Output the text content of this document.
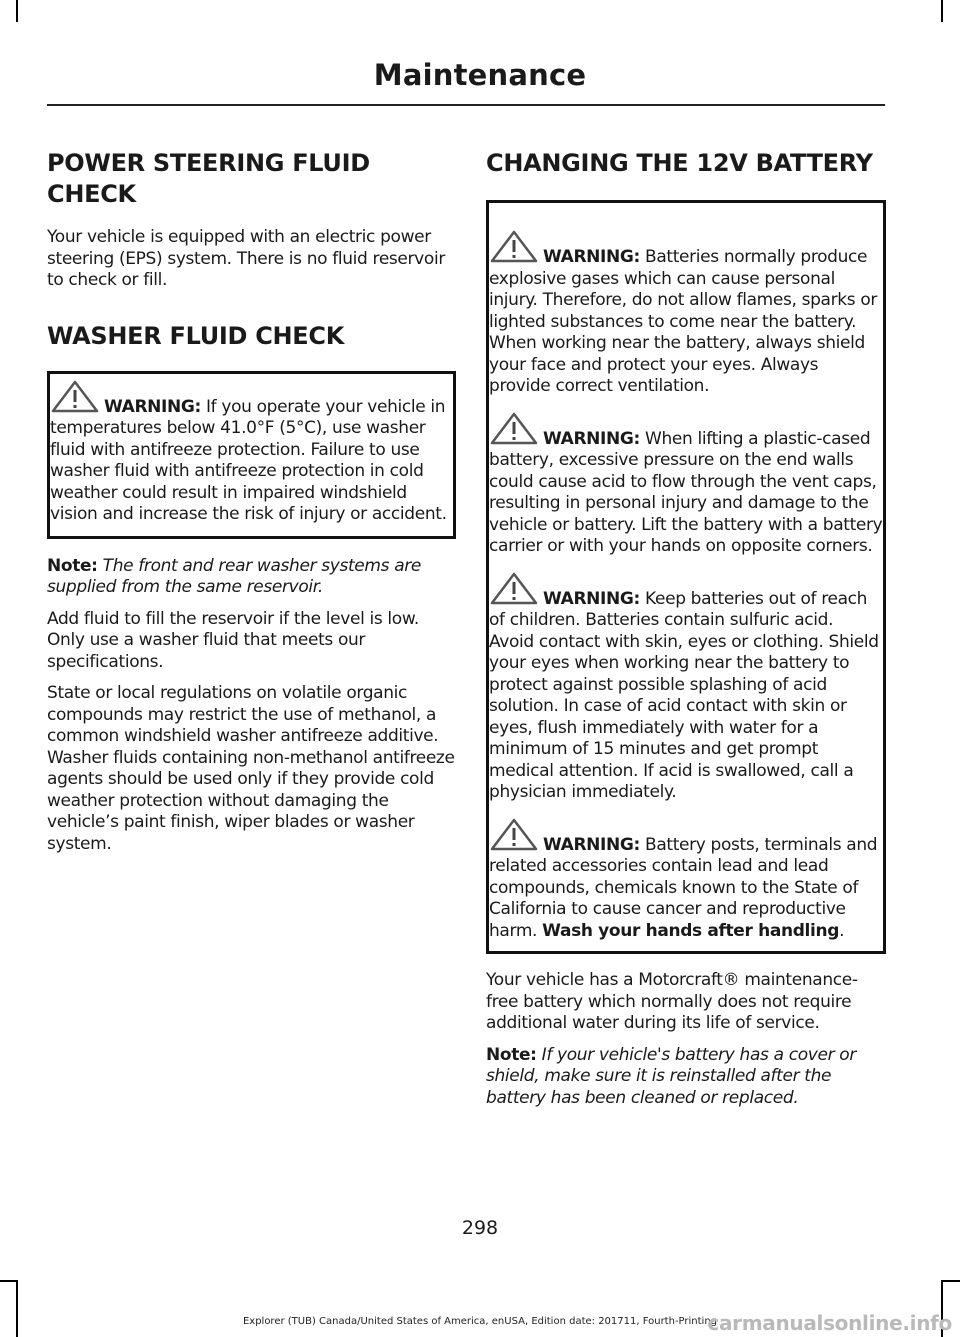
Maintenance
POWER STEERING FLUID
CHECK

Your vehicle is equipped with an electric power steering (EPS) system. There is no fluid reservoir to check or fill.

WASHER FLUID CHECK

WARNING: If you operate your vehicle in temperatures below 41.0°F (5°C), use washer fluid with antifreeze protection. Failure to use washer fluid with antifreeze protection in cold weather could result in impaired windshield vision and increase the risk of injury or accident.

Note: The front and rear washer systems are supplied from the same reservoir.

Add fluid to fill the reservoir if the level is low. Only use a washer fluid that meets our specifications.

State or local regulations on volatile organic compounds may restrict the use of methanol, a common windshield washer antifreeze additive. Washer fluids containing non-methanol antifreeze agents should be used only if they provide cold weather protection without damaging the vehicle’s paint finish, wiper blades or washer system.

CHANGING THE 12V BATTERY

WARNING: Batteries normally produce explosive gases which can cause personal injury. Therefore, do not allow flames, sparks or lighted substances to come near the battery. When working near the battery, always shield your face and protect your eyes. Always provide correct ventilation.

WARNING: When lifting a plastic-cased battery, excessive pressure on the end walls could cause acid to flow through the vent caps, resulting in personal injury and damage to the vehicle or battery. Lift the battery with a battery carrier or with your hands on opposite corners.

WARNING: Keep batteries out of reach of children. Batteries contain sulfuric acid. Avoid contact with skin, eyes or clothing. Shield your eyes when working near the battery to protect against possible splashing of acid solution. In case of acid contact with skin or eyes, flush immediately with water for a minimum of 15 minutes and get prompt medical attention. If acid is swallowed, call a physician immediately.

WARNING: Battery posts, terminals and related accessories contain lead and lead compounds, chemicals known to the State of California to cause cancer and reproductive harm. Wash your hands after handling.

Your vehicle has a Motorcraft® maintenance-free battery which normally does not require additional water during its life of service.

Note: If your vehicle's battery has a cover or shield, make sure it is reinstalled after the battery has been cleaned or replaced.

298
Explorer (TUB) Canada/United States of America, enUSA, Edition date: 201711, Fourth-Printing
carmanualsonline.info
